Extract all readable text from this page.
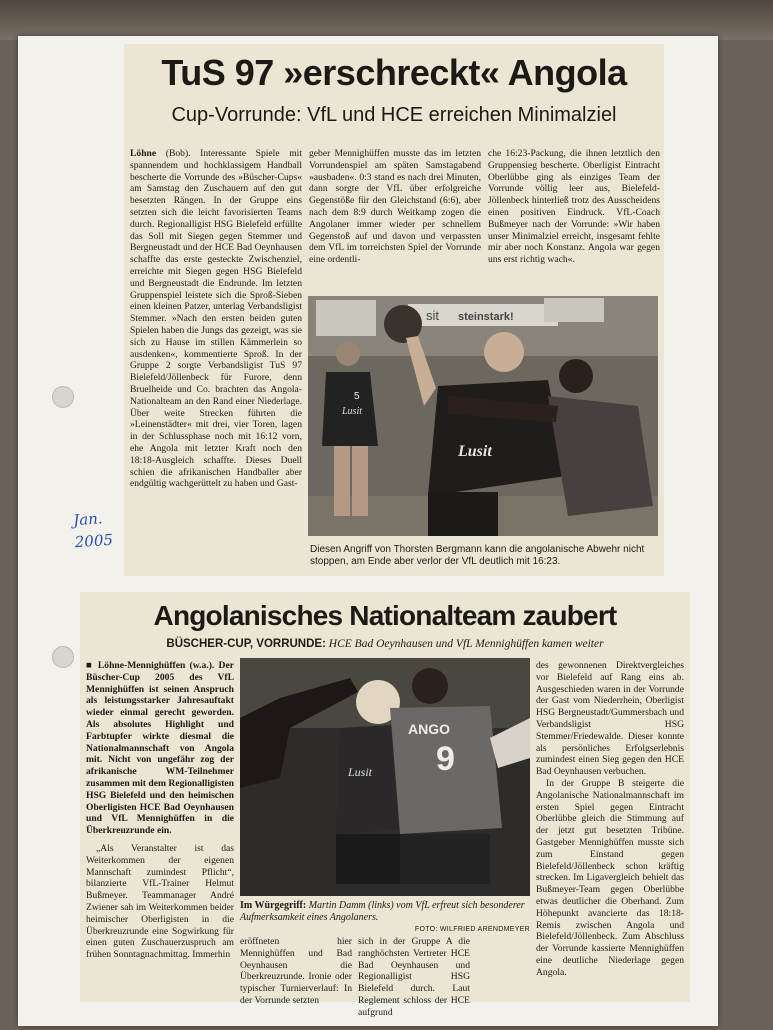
Jan.
2005
TuS 97 »erschreckt« Angola
Cup-Vorrunde: VfL und HCE erreichen Minimalziel

Löhne (Bob). Interessante Spiele mit spannendem und hochklassigem Handball bescherte die Vorrunde des »Büscher-Cups« am Samstag den Zuschauern auf den gut besetzten Rängen. In der Gruppe eins setzten sich die leicht favorisierten Teams durch. Regionalligist HSG Bielefeld erfüllte das Soll mit Siegen gegen Stemmer und Bergneustadt und der HCE Bad Oeynhausen schaffte das erste gesteckte Zwischenziel, erreichte mit Siegen gegen HSG Bielefeld und Bergneustadt die Endrunde. Im letzten Gruppenspiel leistete sich die Sproß-Sieben einen kleinen Patzer, unterlag Verbandsligist Stemmer. »Nach den ersten beiden guten Spielen haben die Jungs das gezeigt, was sie sich zu Hause im stillen Kämmerlein so ausdenken«, kommentierte Sproß. In der Gruppe 2 sorgte Verbandsligist TuS 97 Bielefeld/Jöllenbeck für Furore, denn Bruelheide und Co. brachten das Angola-Nationalteam an den Rand einer Niederlage. Über weite Strecken führten die »Leinenstädter« mit drei, vier Toren, lagen in der Schlussphase noch mit 16:12 vorn, ehe Angola mit letzter Kraft noch den 18:18-Ausgleich schaffte. Dieses Duell schien die afrikanischen Handballer aber endgültig wachgerüttelt zu haben und Gast-

geber Mennighüffen musste das im letzten Vorrundenspiel am späten Samstagabend »ausbaden«. 0:3 stand es nach drei Minuten, dann sorgte der VfL über erfolgreiche Gegenstöße für den Gleichstand (6:6), aber nach dem 8:9 durch Weitkamp zogen die Angolaner immer wieder per schnellem Gegenstoß auf und davon und verpassten dem VfL im torreichsten Spiel der Vorrunde eine ordentli-

che 16:23-Packung, die ihnen letztlich den Gruppensieg bescherte. Oberligist Eintracht Oberlübbe ging als einziges Team der Vorrunde völlig leer aus, Bielefeld-Jöllenbeck hinterließ trotz des Ausscheidens einen positiven Eindruck. VfL-Coach Bußmeyer nach der Vorrunde: »Wir haben unser Minimalziel erreicht, insgesamt fehlte mir aber noch Konstanz. Angola war gegen uns erst richtig wach«.

sit steinstark!
Lusit
5
Lusit
Diesen Angriff von Thorsten Bergmann kann die angolanische Abwehr nicht stoppen, am Ende aber verlor der VfL deutlich mit 16:23.
Angolanisches Nationalteam zaubert
BÜSCHER-CUP, VORRUNDE: HCE Bad Oeynhausen und VfL Mennighüffen kamen weiter

■ Löhne-Mennighüffen (w.a.). Der Büscher-Cup 2005 des VfL Mennighüffen ist seinen Anspruch als leistungsstarker Jahresauftakt wieder einmal gerecht geworden. Als absolutes Highlight und Farbtupfer wirkte diesmal die Nationalmannschaft von Angola mit. Nicht von ungefähr zog der afrikanische WM-Teilnehmer zusammen mit dem Regionalligisten HSG Bielefeld und den heimischen Oberligisten HCE Bad Oeynhausen und VfL Mennighüffen in die Überkreuzrunde ein.

„Als Veranstalter ist das Weiterkommen der eigenen Mannschaft zumindest Pflicht“, bilanzierte VfL-Trainer Helmut Bußmeyer. Teammanager André Zwiener sah im Weiterkommen beider heimischer Oberligisten in die Überkreuzrunde eine Sogwirkung für einen guten Zuschauerzuspruch am frühen Sonntagnachmittag. Immerhin

Lusit
ANGO
9
Im Würgegriff: Martin Damm (links) vom VfL erfreut sich besonderer Aufmerksamkeit eines Angolaners.
FOTO: WILFRIED ARENDMEYER

eröffneten hier Mennighüffen und Bad Oeynhausen die Überkreuzrunde. Ironie oder typischer Turnierverlauf: In der Vorrunde setzten

sich in der Gruppe A die ranghöchsten Vertreter HCE Bad Oeynhausen und Regionalligist HSG Bielefeld durch. Laut Reglement schloss der HCE aufgrund

des gewonnenen Direktvergleiches vor Bielefeld auf Rang eins ab. Ausgeschieden waren in der Vorrunde der Gast vom Niederrhein, Oberligist HSG Bergneustadt/Gummersbach und Verbandsligist HSG Stemmer/Friedewalde. Dieser konnte als persönliches Erfolgserlebnis zumindest einen Sieg gegen den HCE Bad Oeynhausen verbuchen.

In der Gruppe B steigerte die Angolanische Nationalmannschaft im ersten Spiel gegen Eintracht Oberlübbe gleich die Stimmung auf der jetzt gut besetzten Tribüne. Gastgeber Mennighüffen musste sich zum Einstand gegen Bielefeld/Jöllenbeck schon kräftig strecken. Im Ligavergleich behielt das Bußmeyer-Team gegen Oberlübbe etwas deutlicher die Oberhand. Zum Höhepunkt avancierte das 18:18-Remis zwischen Angola und Bielefeld/Jöllenbeck. Zum Abschluss der Vorrunde kassierte Mennighüffen eine deutliche Niederlage gegen Angola.
